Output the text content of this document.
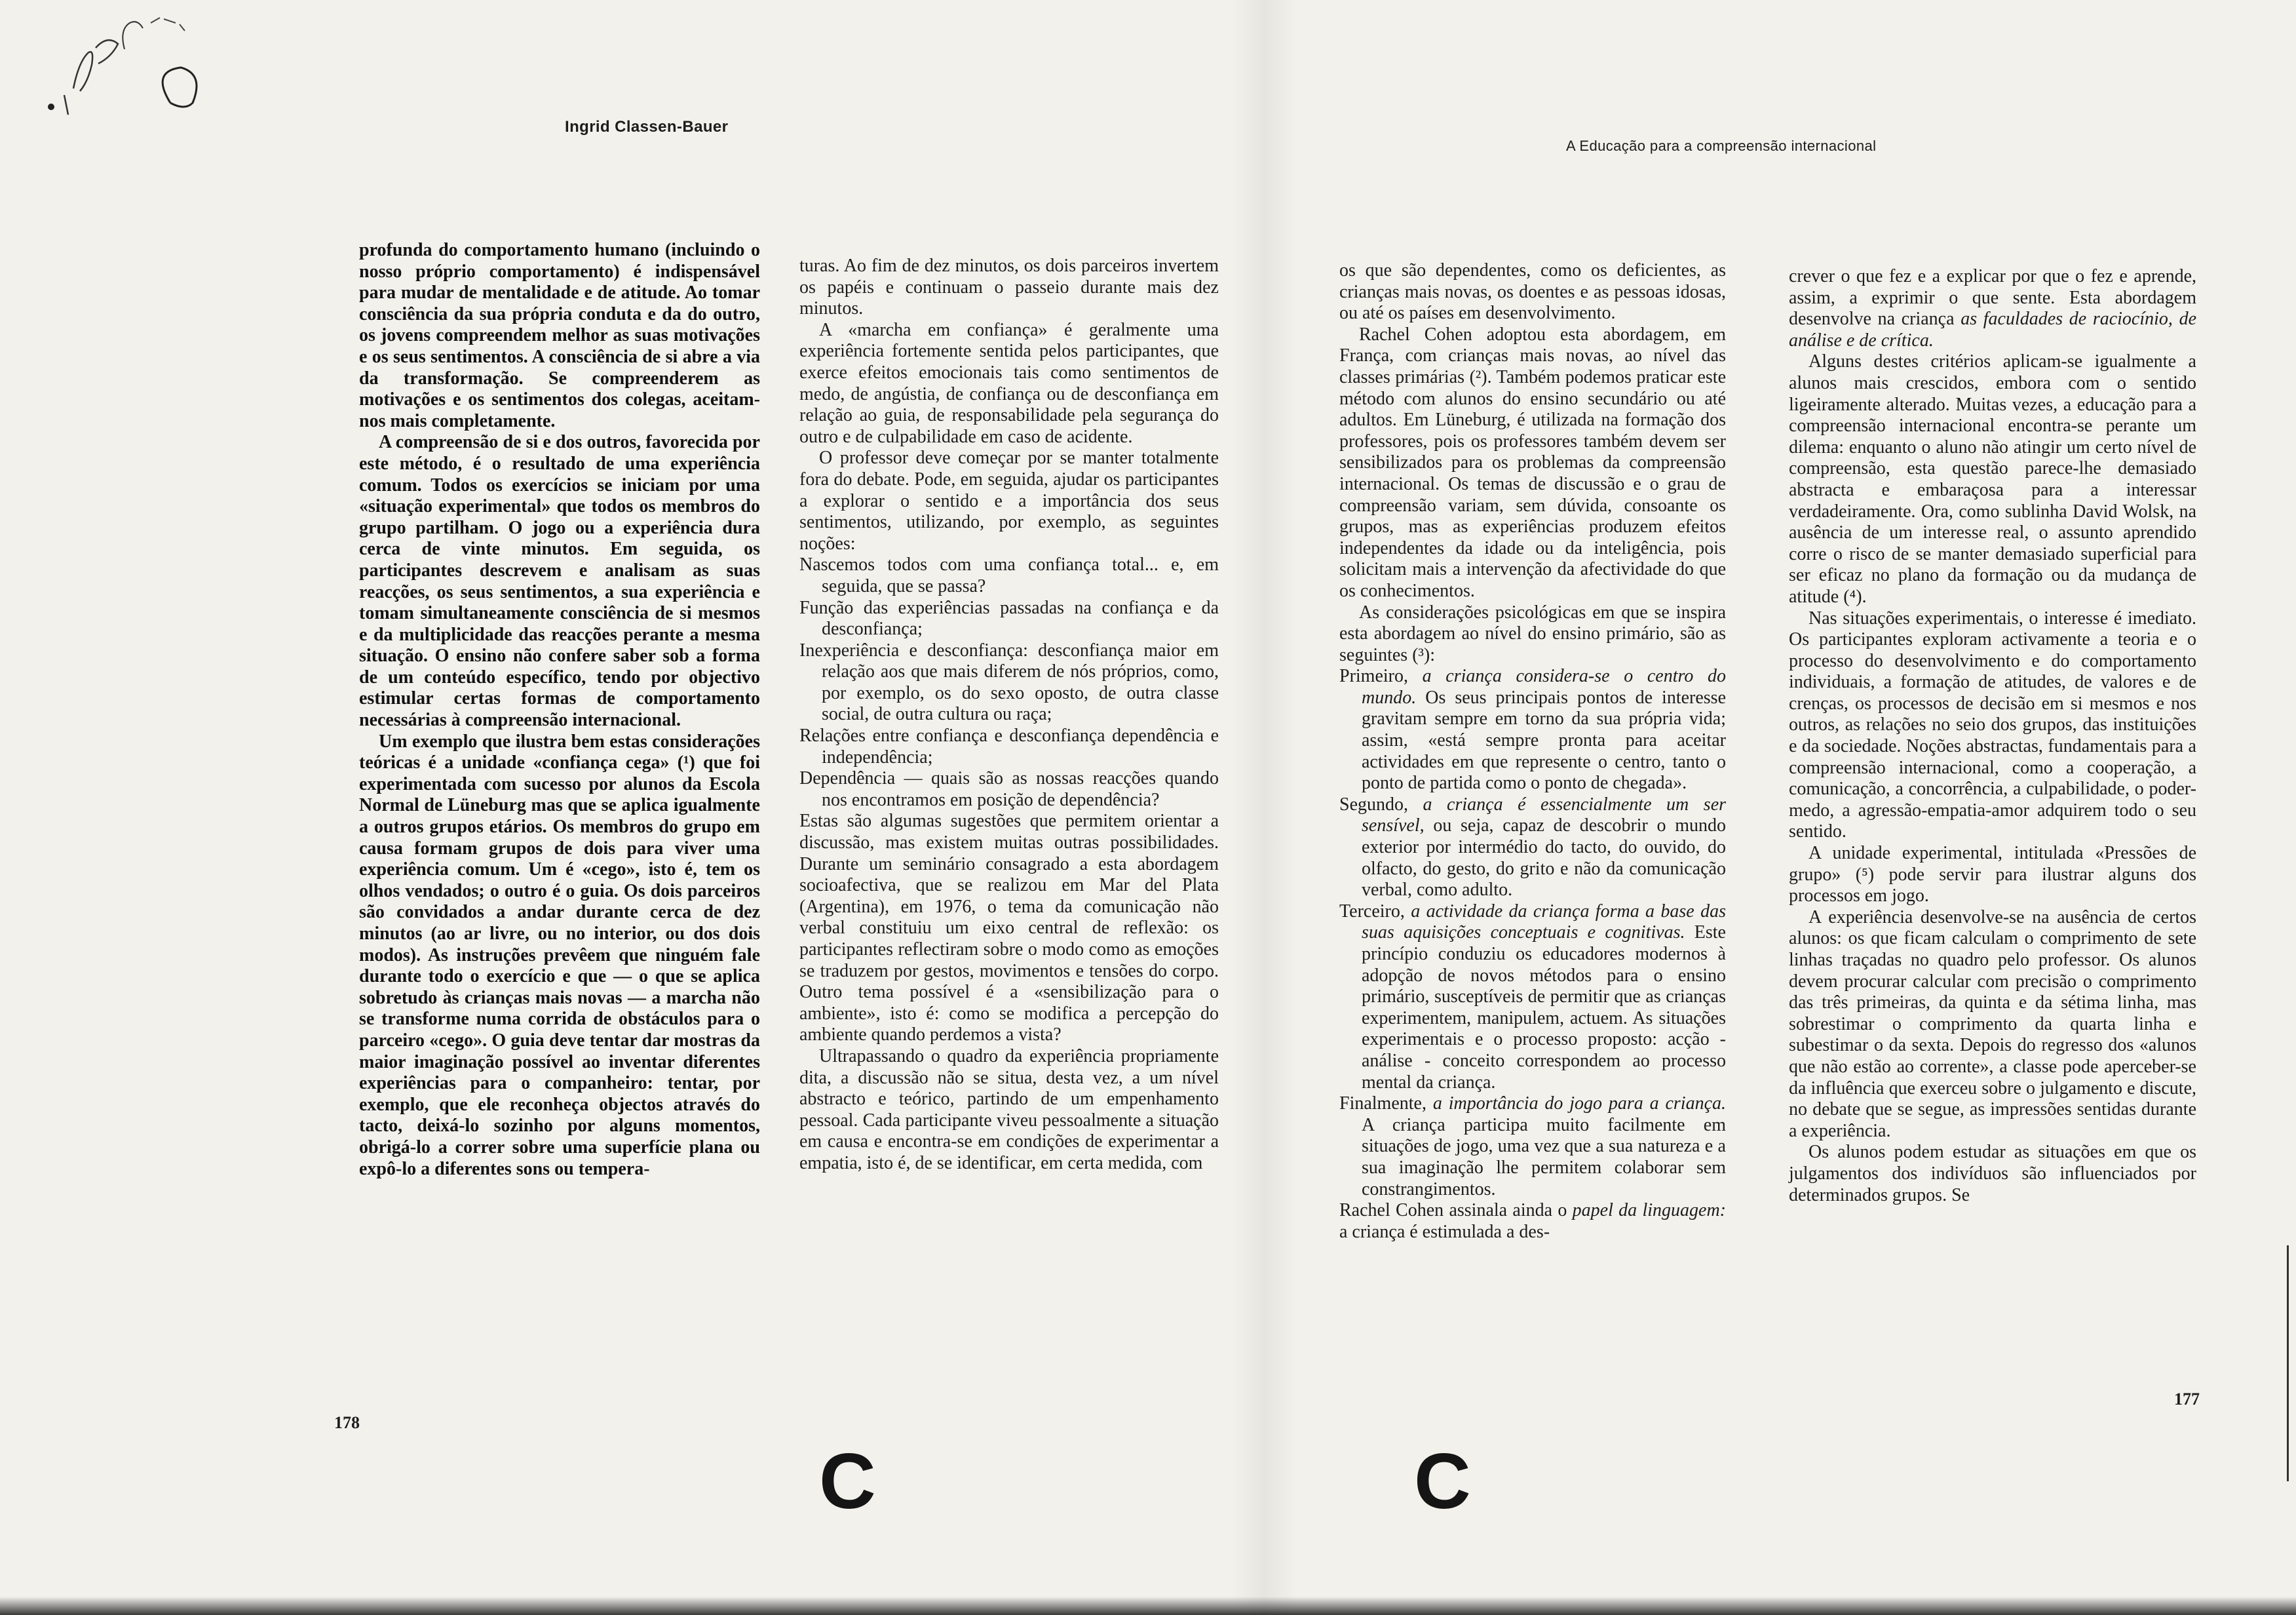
Ingrid Classen-Bauer

profunda do comportamento humano (incluindo o nosso próprio comportamento) é indispensável para mudar de mentalidade e de atitude. Ao tomar consciência da sua própria conduta e da do outro, os jovens compreendem melhor as suas motivações e os seus sentimentos. A consciência de si abre a via da transformação. Se compreenderem as motivações e os sentimentos dos colegas, aceitam-nos mais completamente.

A compreensão de si e dos outros, favorecida por este método, é o resultado de uma experiência comum. Todos os exercícios se iniciam por uma «situação experimental» que todos os membros do grupo partilham. O jogo ou a experiência dura cerca de vinte minutos. Em seguida, os participantes descrevem e analisam as suas reacções, os seus sentimentos, a sua experiência e tomam simultaneamente consciência de si mesmos e da multiplicidade das reacções perante a mesma situação. O ensino não confere saber sob a forma de um conteúdo específico, tendo por objectivo estimular certas formas de comportamento necessárias à compreensão internacional.

Um exemplo que ilustra bem estas considerações teóricas é a unidade «confiança cega» (¹) que foi experimentada com sucesso por alunos da Escola Normal de Lüneburg mas que se aplica igualmente a outros grupos etários. Os membros do grupo em causa formam grupos de dois para viver uma experiência comum. Um é «cego», isto é, tem os olhos vendados; o outro é o guia. Os dois parceiros são convidados a andar durante cerca de dez minutos (ao ar livre, ou no interior, ou dos dois modos). As instruções prevêem que ninguém fale durante todo o exercício e que — o que se aplica sobretudo às crianças mais novas — a marcha não se transforme numa corrida de obstáculos para o parceiro «cego». O guia deve tentar dar mostras da maior imaginação possível ao inventar diferentes experiências para o companheiro: tentar, por exemplo, que ele reconheça objectos através do tacto, deixá-lo sozinho por alguns momentos, obrigá-lo a correr sobre uma superfície plana ou expô-lo a diferentes sons ou tempera-

turas. Ao fim de dez minutos, os dois parceiros invertem os papéis e continuam o passeio durante mais dez minutos.

A «marcha em confiança» é geralmente uma experiência fortemente sentida pelos participantes, que exerce efeitos emocionais tais como sentimentos de medo, de angústia, de confiança ou de desconfiança em relação ao guia, de responsabilidade pela segurança do outro e de culpabilidade em caso de acidente.

O professor deve começar por se manter totalmente fora do debate. Pode, em seguida, ajudar os participantes a explorar o sentido e a importância dos seus sentimentos, utilizando, por exemplo, as seguintes noções:

Nascemos todos com uma confiança total... e, em seguida, que se passa?
Função das experiências passadas na confiança e da desconfiança;
Inexperiência e desconfiança: desconfiança maior em relação aos que mais diferem de nós próprios, como, por exemplo, os do sexo oposto, de outra classe social, de outra cultura ou raça;
Relações entre confiança e desconfiança dependência e independência;
Dependência — quais são as nossas reacções quando nos encontramos em posição de dependência?

Estas são algumas sugestões que permitem orientar a discussão, mas existem muitas outras possibilidades. Durante um seminário consagrado a esta abordagem socioafectiva, que se realizou em Mar del Plata (Argentina), em 1976, o tema da comunicação não verbal constituiu um eixo central de reflexão: os participantes reflectiram sobre o modo como as emoções se traduzem por gestos, movimentos e tensões do corpo. Outro tema possível é a «sensibilização para o ambiente», isto é: como se modifica a percepção do ambiente quando perdemos a vista?

Ultrapassando o quadro da experiência propriamente dita, a discussão não se situa, desta vez, a um nível abstracto e teórico, partindo de um empenhamento pessoal. Cada participante viveu pessoalmente a situação em causa e encontra-se em condições de experimentar a empatia, isto é, de se identificar, em certa medida, com

178

C

A Educação para a compreensão internacional

os que são dependentes, como os deficientes, as crianças mais novas, os doentes e as pessoas idosas, ou até os países em desenvolvimento.

Rachel Cohen adoptou esta abordagem, em França, com crianças mais novas, ao nível das classes primárias (²). Também podemos praticar este método com alunos do ensino secundário ou até adultos. Em Lüneburg, é utilizada na formação dos professores, pois os professores também devem ser sensibilizados para os problemas da compreensão internacional. Os temas de discussão e o grau de compreensão variam, sem dúvida, consoante os grupos, mas as experiências produzem efeitos independentes da idade ou da inteligência, pois solicitam mais a intervenção da afectividade do que os conhecimentos.

As considerações psicológicas em que se inspira esta abordagem ao nível do ensino primário, são as seguintes (³):

Primeiro, a criança considera-se o centro do mundo. Os seus principais pontos de interesse gravitam sempre em torno da sua própria vida; assim, «está sempre pronta para aceitar actividades em que represente o centro, tanto o ponto de partida como o ponto de chegada».
Segundo, a criança é essencialmente um ser sensível, ou seja, capaz de descobrir o mundo exterior por intermédio do tacto, do ouvido, do olfacto, do gesto, do grito e não da comunicação verbal, como adulto.
Terceiro, a actividade da criança forma a base das suas aquisições conceptuais e cognitivas. Este princípio conduziu os educadores modernos à adopção de novos métodos para o ensino primário, susceptíveis de permitir que as crianças experimentem, manipulem, actuem. As situações experimentais e o processo proposto: acção - análise - conceito correspondem ao processo mental da criança.
Finalmente, a importância do jogo para a criança. A criança participa muito facilmente em situações de jogo, uma vez que a sua natureza e a sua imaginação lhe permitem colaborar sem constrangimentos.

Rachel Cohen assinala ainda o papel da linguagem: a criança é estimulada a des-

crever o que fez e a explicar por que o fez e aprende, assim, a exprimir o que sente. Esta abordagem desenvolve na criança as faculdades de raciocínio, de análise e de crítica.

Alguns destes critérios aplicam-se igualmente a alunos mais crescidos, embora com o sentido ligeiramente alterado. Muitas vezes, a educação para a compreensão internacional encontra-se perante um dilema: enquanto o aluno não atingir um certo nível de compreensão, esta questão parece-lhe demasiado abstracta e embaraçosa para a interessar verdadeiramente. Ora, como sublinha David Wolsk, na ausência de um interesse real, o assunto aprendido corre o risco de se manter demasiado superficial para ser eficaz no plano da formação ou da mudança de atitude (⁴).

Nas situações experimentais, o interesse é imediato. Os participantes exploram activamente a teoria e o processo do desenvolvimento e do comportamento individuais, a formação de atitudes, de valores e de crenças, os processos de decisão em si mesmos e nos outros, as relações no seio dos grupos, das instituições e da sociedade. Noções abstractas, fundamentais para a compreensão internacional, como a cooperação, a comunicação, a concorrência, a culpabilidade, o poder-medo, a agressão-empatia-amor adquirem todo o seu sentido.

A unidade experimental, intitulada «Pressões de grupo» (⁵) pode servir para ilustrar alguns dos processos em jogo.

A experiência desenvolve-se na ausência de certos alunos: os que ficam calculam o comprimento de sete linhas traçadas no quadro pelo professor. Os alunos devem procurar calcular com precisão o comprimento das três primeiras, da quinta e da sétima linha, mas sobrestimar o comprimento da quarta linha e subestimar o da sexta. Depois do regresso dos «alunos que não estão ao corrente», a classe pode aperceber-se da influência que exerceu sobre o julgamento e discute, no debate que se segue, as impressões sentidas durante a experiência.

Os alunos podem estudar as situações em que os julgamentos dos indivíduos são influenciados por determinados grupos. Se

177

C
